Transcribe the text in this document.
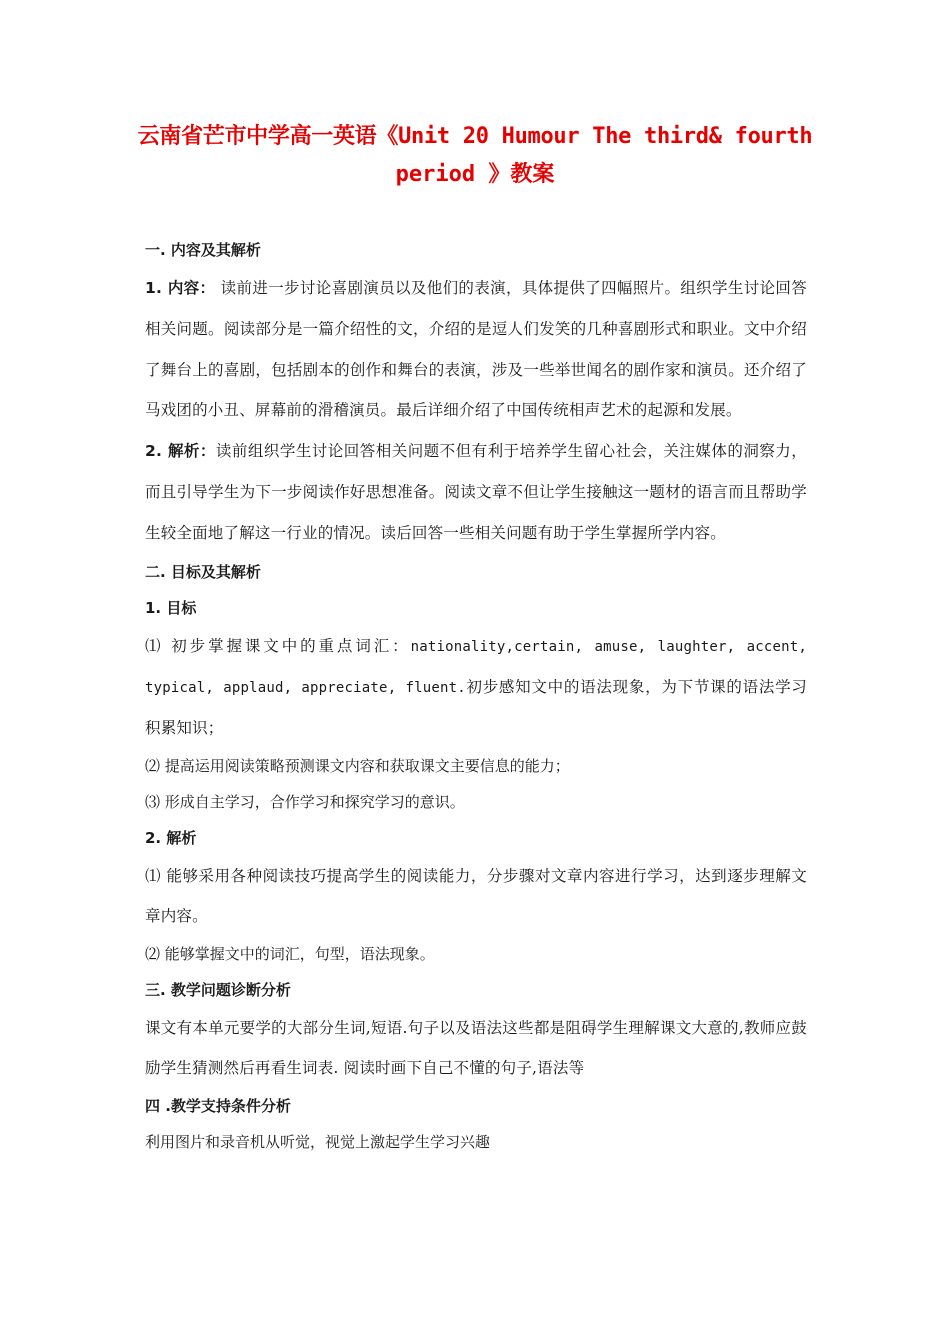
云南省芒市中学高一英语《Unit 20 Humour The third& fourth
period 》教案
一. 内容及其解析

1. 内容： 读前进一步讨论喜剧演员以及他们的表演，具体提供了四幅照片。组织学生讨论回答相关问题。阅读部分是一篇介绍性的文，介绍的是逗人们发笑的几种喜剧形式和职业。文中介绍了舞台上的喜剧，包括剧本的创作和舞台的表演，涉及一些举世闻名的剧作家和演员。还介绍了马戏团的小丑、屏幕前的滑稽演员。最后详细介绍了中国传统相声艺术的起源和发展。

2. 解析：读前组织学生讨论回答相关问题不但有利于培养学生留心社会，关注媒体的洞察力，而且引导学生为下一步阅读作好思想准备。阅读文章不但让学生接触这一题材的语言而且帮助学生较全面地了解这一行业的情况。读后回答一些相关问题有助于学生掌握所学内容。

二. 目标及其解析
1. 目标

⑴ 初步掌握课文中的重点词汇：nationality,certain, amuse, laughter, accent, typical, applaud, appreciate, fluent.初步感知文中的语法现象，为下节课的语法学习积累知识；

⑵ 提高运用阅读策略预测课文内容和获取课文主要信息的能力；

⑶ 形成自主学习，合作学习和探究学习的意识。

2. 解析

⑴ 能够采用各种阅读技巧提高学生的阅读能力，分步骤对文章内容进行学习，达到逐步理解文章内容。

⑵ 能够掌握文中的词汇，句型，语法现象。

三. 教学问题诊断分析

课文有本单元要学的大部分生词,短语.句子以及语法这些都是阻碍学生理解课文大意的,教师应鼓励学生猜测然后再看生词表. 阅读时画下自己不懂的句子,语法等

四 .教学支持条件分析

利用图片和录音机从听觉，视觉上激起学生学习兴趣
